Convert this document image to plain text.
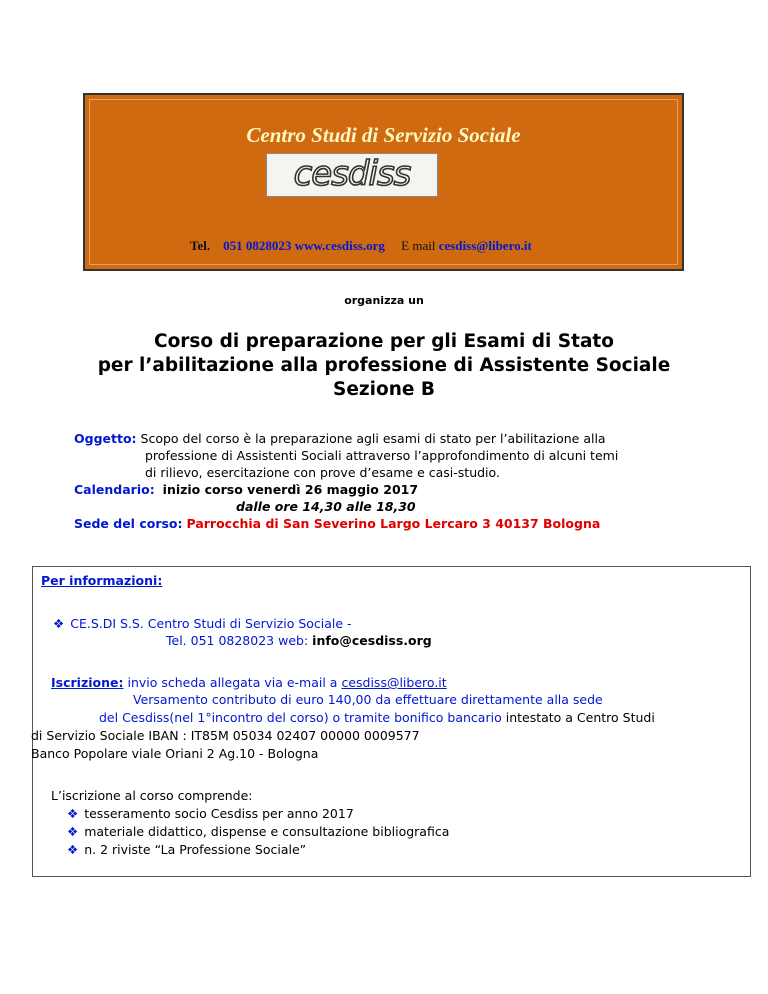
Centro Studi di Servizio Sociale
cesdiss
Tel. 051 0828023 www.cesdiss.org E mail cesdiss@libero.it
organizza un
Corso di preparazione per gli Esami di Stato
per l’abilitazione alla professione di Assistente Sociale
Sezione B
Oggetto: Scopo del corso è la preparazione agli esami di stato per l’abilitazione alla
professione di Assistenti Sociali attraverso l’approfondimento di alcuni temi
di rilievo, esercitazione con prove d’esame e casi-studio.
Calendario: inizio corso venerdì 26 maggio 2017
dalle ore 14,30 alle 18,30
Sede del corso: Parrocchia di San Severino Largo Lercaro 3 40137 Bologna
Per informazioni:
❖ CE.S.DI S.S. Centro Studi di Servizio Sociale -
Tel. 051 0828023 web: info@cesdiss.org
Iscrizione: invio scheda allegata via e-mail a cesdiss@libero.it
Versamento contributo di euro 140,00 da effettuare direttamente alla sede
del Cesdiss(nel 1°incontro del corso) o tramite bonifico bancario intestato a Centro Studi
di Servizio Sociale IBAN : IT85M 05034 02407 00000 0009577
Banco Popolare viale Oriani 2 Ag.10 - Bologna
L’iscrizione al corso comprende:
❖ tesseramento socio Cesdiss per anno 2017
❖ materiale didattico, dispense e consultazione bibliografica
❖ n. 2 riviste “La Professione Sociale”
